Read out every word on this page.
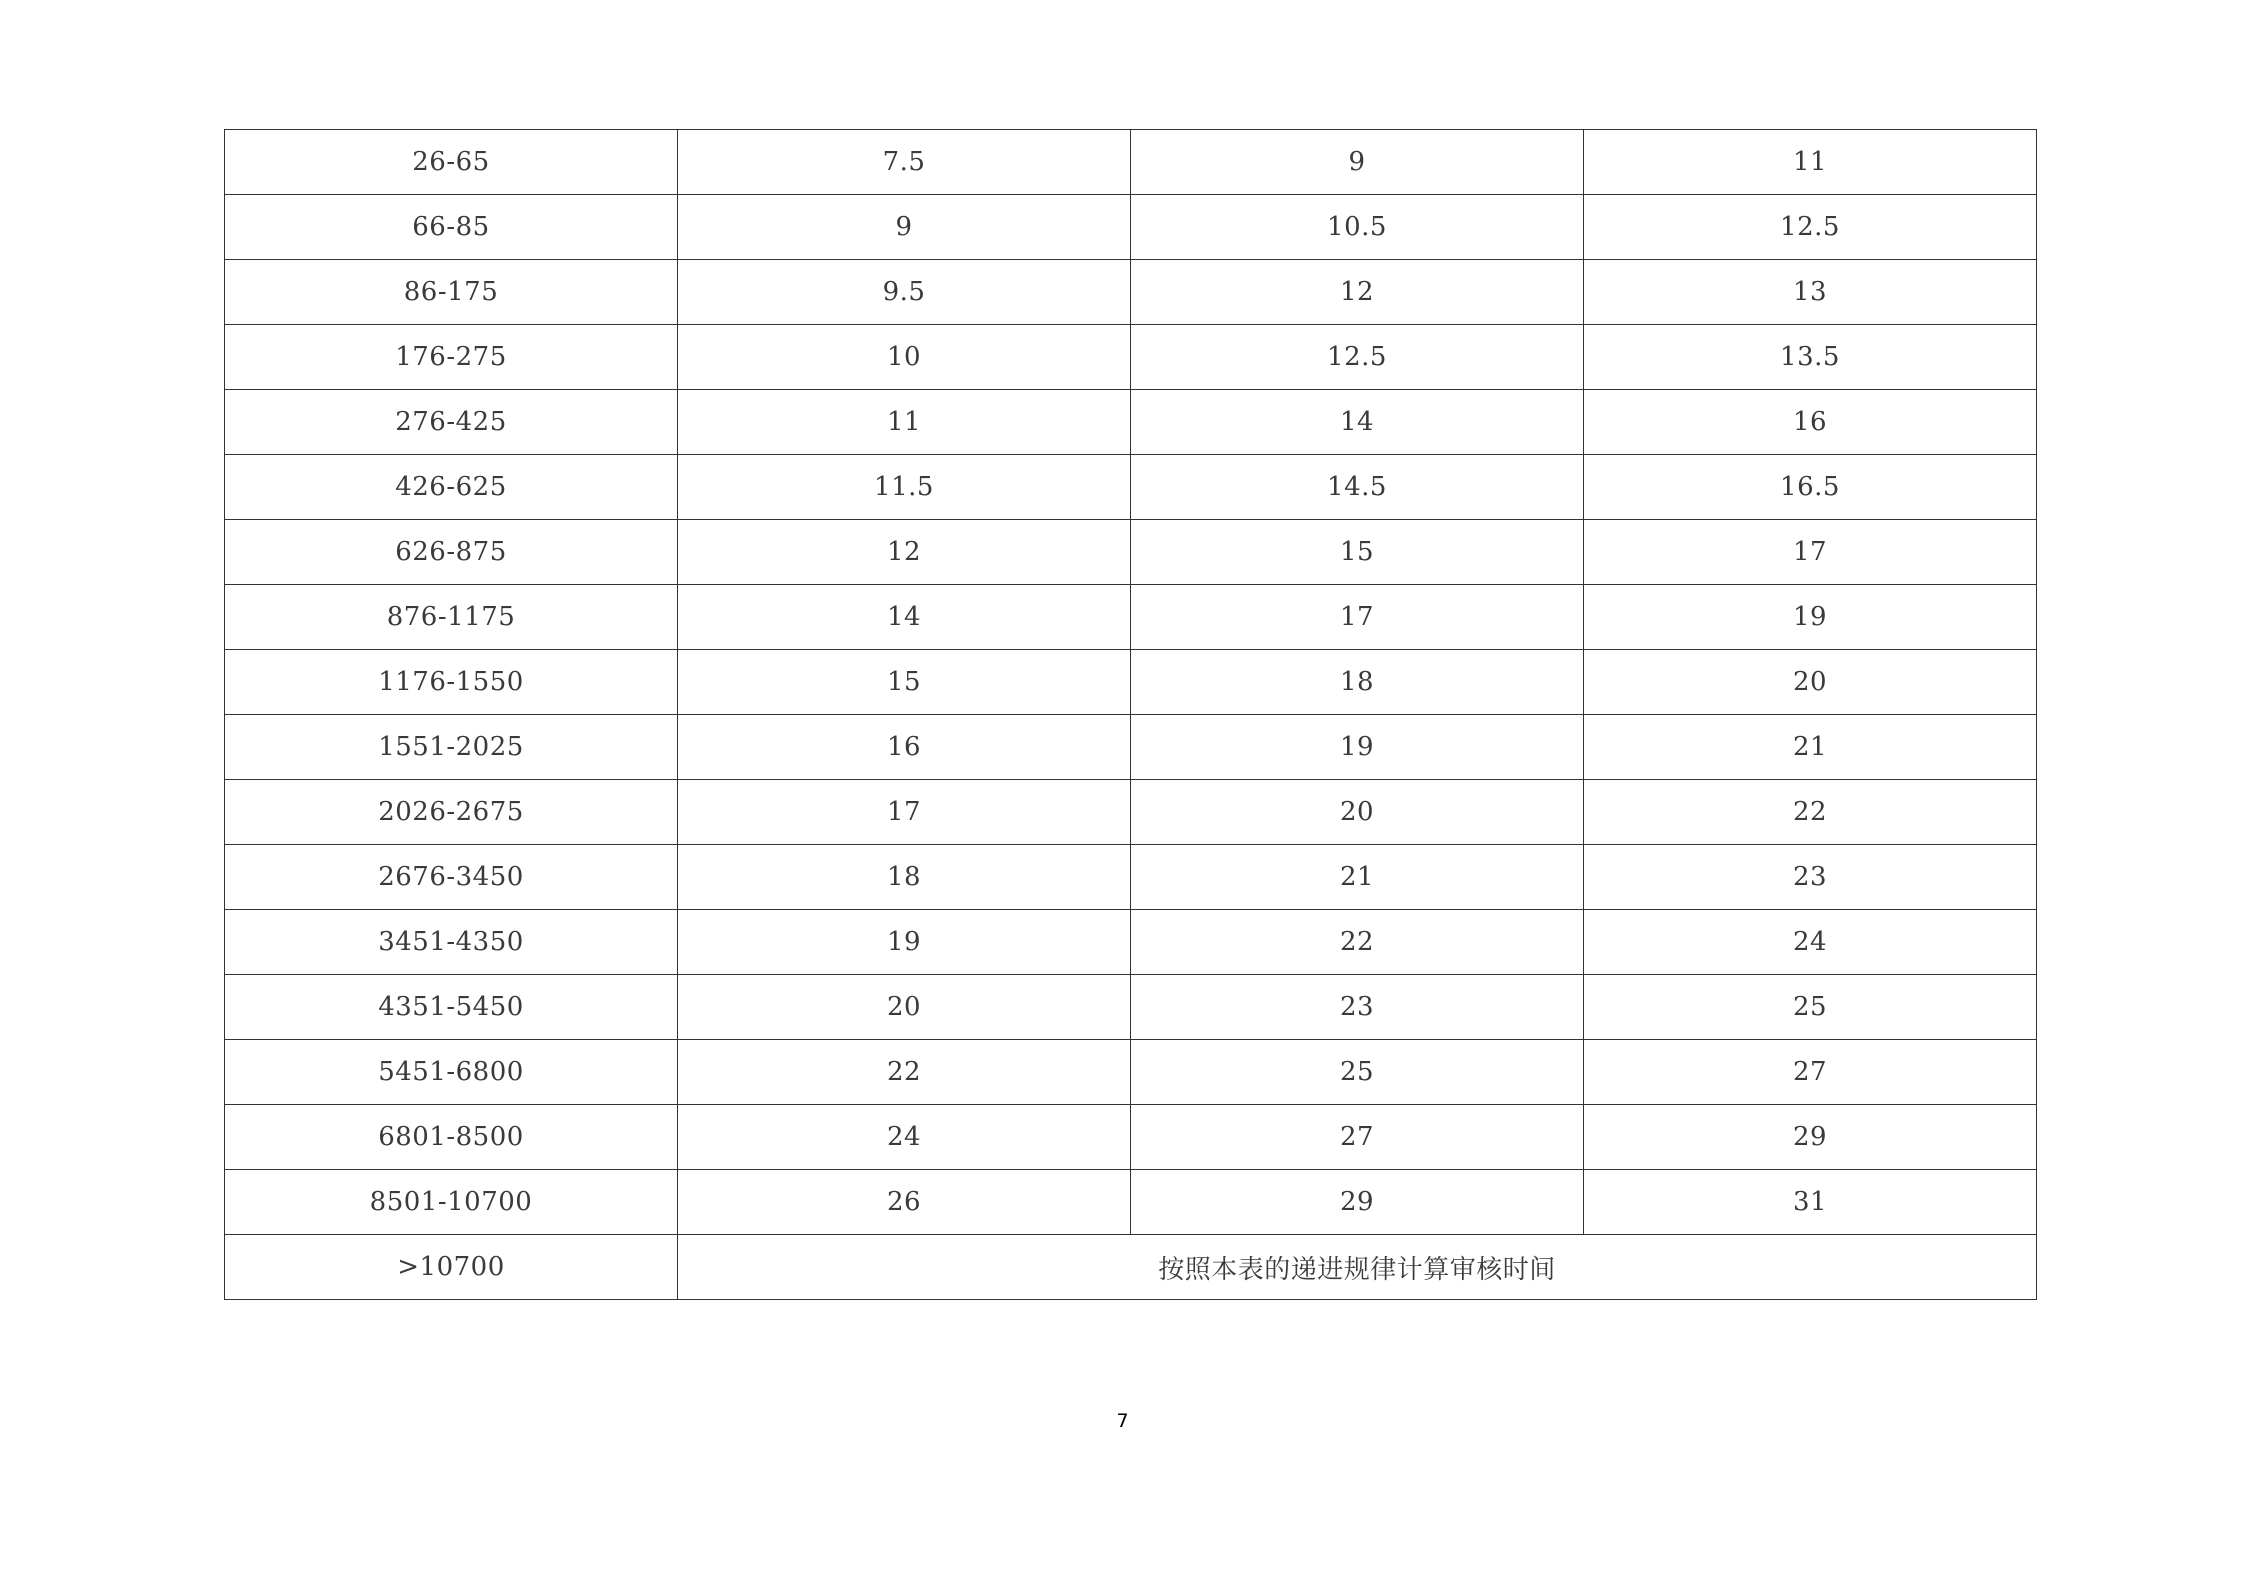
26-65	7.5	9	11
66-85	9	10.5	12.5
86-175	9.5	12	13
176-275	10	12.5	13.5
276-425	11	14	16
426-625	11.5	14.5	16.5
626-875	12	15	17
876-1175	14	17	19
1176-1550	15	18	20
1551-2025	16	19	21
2026-2675	17	20	22
2676-3450	18	21	23
3451-4350	19	22	24
4351-5450	20	23	25
5451-6800	22	25	27
6801-8500	24	27	29
8501-10700	26	29	31
>10700	按照本表的递进规律计算审核时间		
7
